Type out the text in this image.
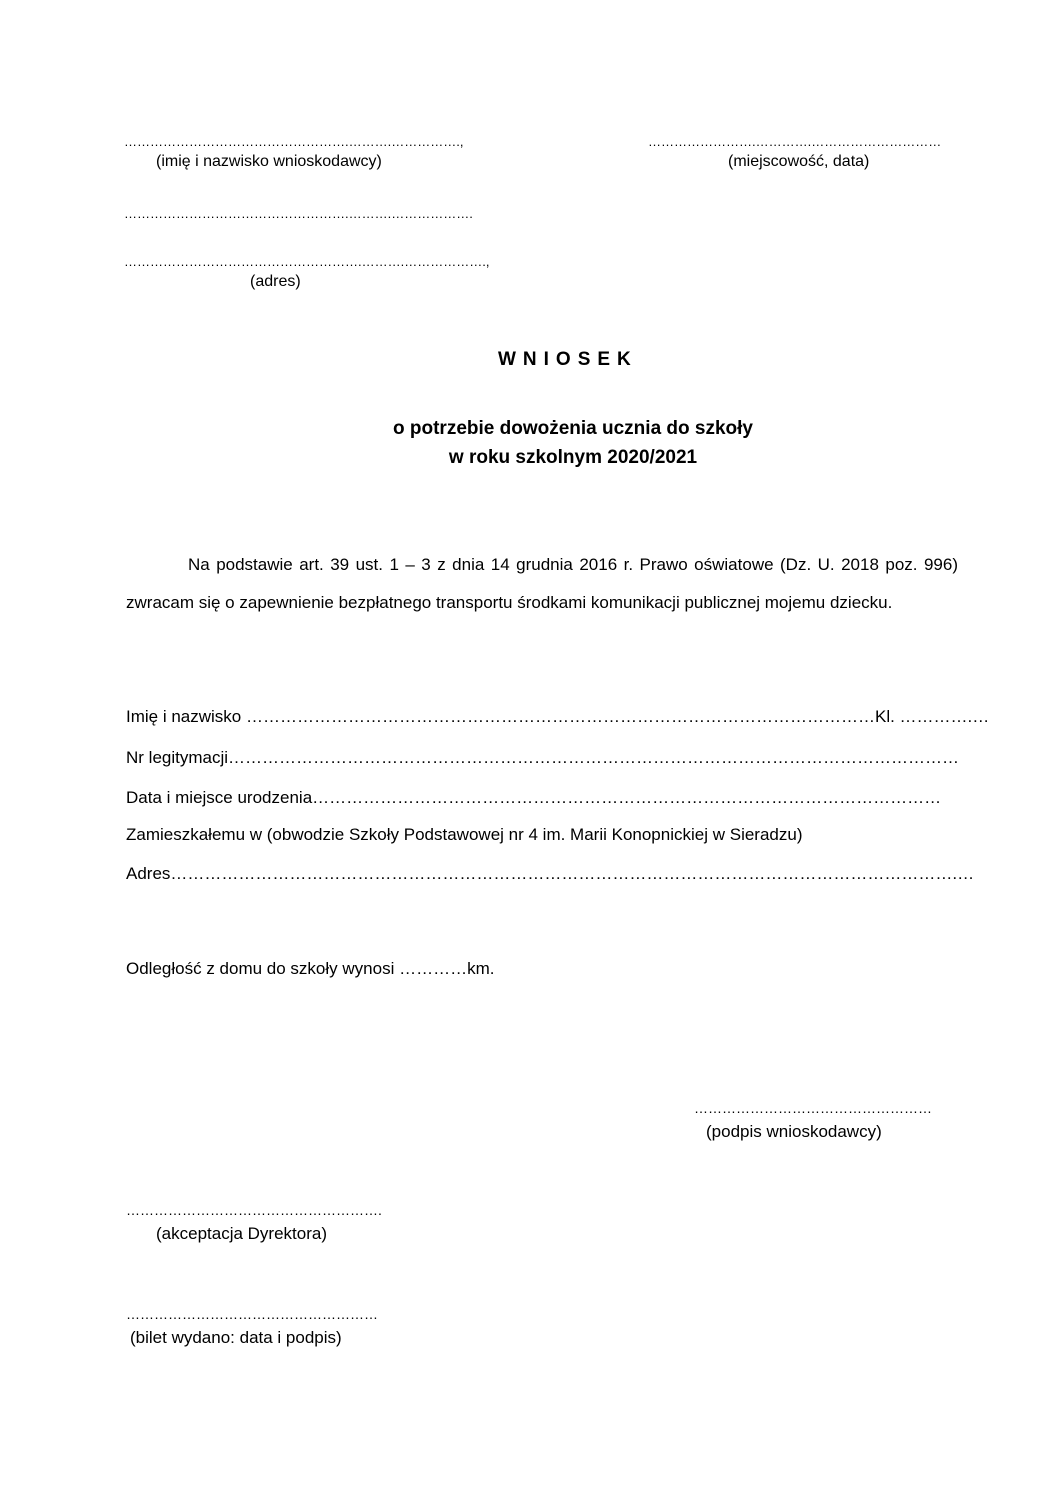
…………………………………………….……….…………….,
(imię i nazwisko wnioskodawcy)
…………………….………….…………………………
(miejscowość, data)
…………………………………………….……….……………….
……………………………………………….……….……………….,
(adres)
WNIOSEK
o potrzebie dowożenia ucznia do szkoły
w roku szkolnym 2020/2021
Na podstawie art. 39 ust. 1 – 3 z dnia 14 grudnia 2016 r. Prawo oświatowe (Dz. U. 2018 poz. 996) zwracam się o zapewnienie bezpłatnego transportu środkami komunikacji publicznej mojemu dziecku.
Imię i nazwisko …………………………………………………………………………………………………Kl. ………….…
Nr legitymacji…………………………………………………………………………………………………………………
Data i miejsce urodzenia…………………………………………………………………………………………………
Zamieszkałemu w (obwodzie Szkoły Podstawowej nr 4 im. Marii Konopnickiej w Sieradzu)
Adres………………………………………………………………………………………………………………………….…
Odległość z domu do szkoły wynosi …………km.
……………………………………………
(podpis wnioskodawcy)
……………………………………………….
(akceptacja Dyrektora)
………………………………………………
(bilet wydano: data i podpis)
